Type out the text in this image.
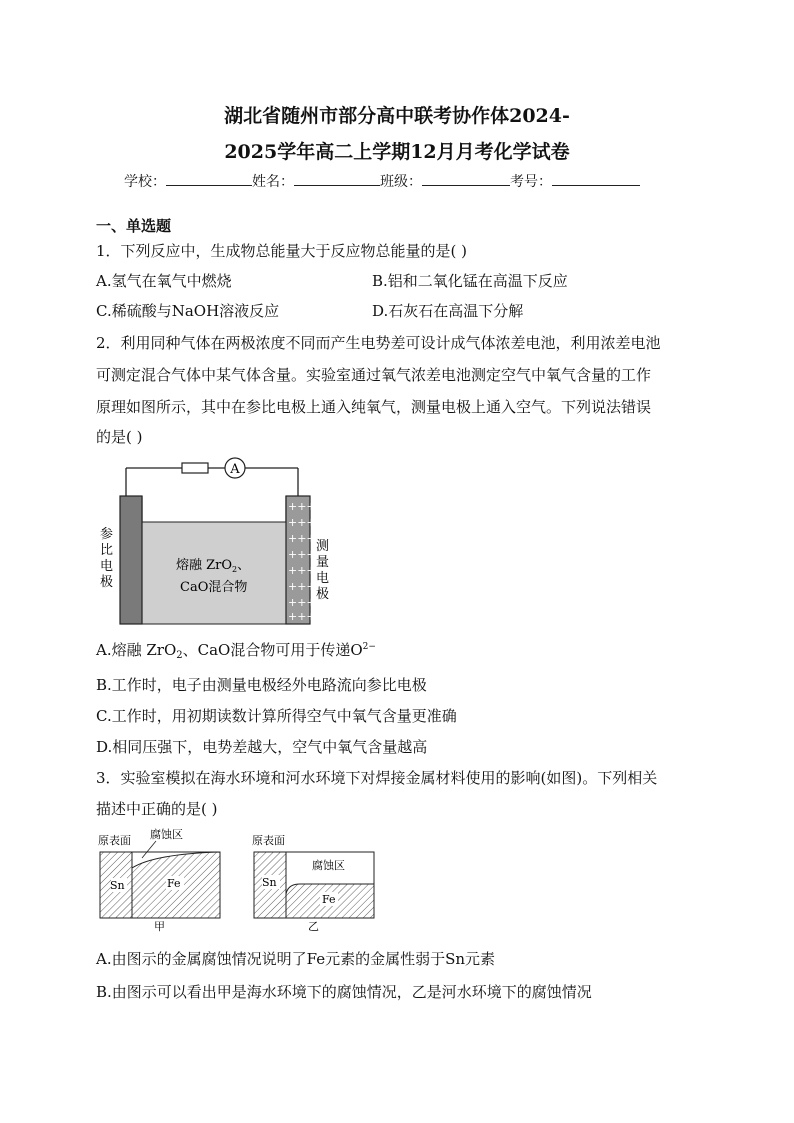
湖北省随州市部分高中联考协作体2024-
2025学年高二上学期12月月考化学试卷
学校：	姓名：	班级：	考号：
一、单选题
1．下列反应中，生成物总能量大于反应物总能量的是( )
A.氢气在氧气中燃烧	B.铝和二氧化锰在高温下反应
C.稀硫酸与NaOH溶液反应	D.石灰石在高温下分解
2．利用同种气体在两极浓度不同而产生电势差可设计成气体浓差电池，利用浓差电池
可测定混合气体中某气体含量。实验室通过氧气浓差电池测定空气中氧气含量的工作
原理如图所示，其中在参比电极上通入纯氧气，测量电极上通入空气。下列说法错误
的是( )
A
+++
+++
+++
+++
+++
+++
+++
+++
熔融 ZrO$_2$、
CaO混合物
参
比
电
极
测
量
电
极
A.熔融 ZrO$_2$、CaO混合物可用于传递$O^{2-}$
B.工作时，电子由测量电极经外电路流向参比电极
C.工作时，用初期读数计算所得空气中氧气含量更准确
D.相同压强下，电势差越大，空气中氧气含量越高
3．实验室模拟在海水环境和河水环境下对焊接金属材料使用的影响(如图)。下列相关
描述中正确的是( )
Sn	Fe
原表面 腐蚀区
甲
Sn
腐蚀区
Fe
原表面
乙
A.由图示的金属腐蚀情况说明了Fe元素的金属性弱于Sn元素
B.由图示可以看出甲是海水环境下的腐蚀情况，乙是河水环境下的腐蚀情况
